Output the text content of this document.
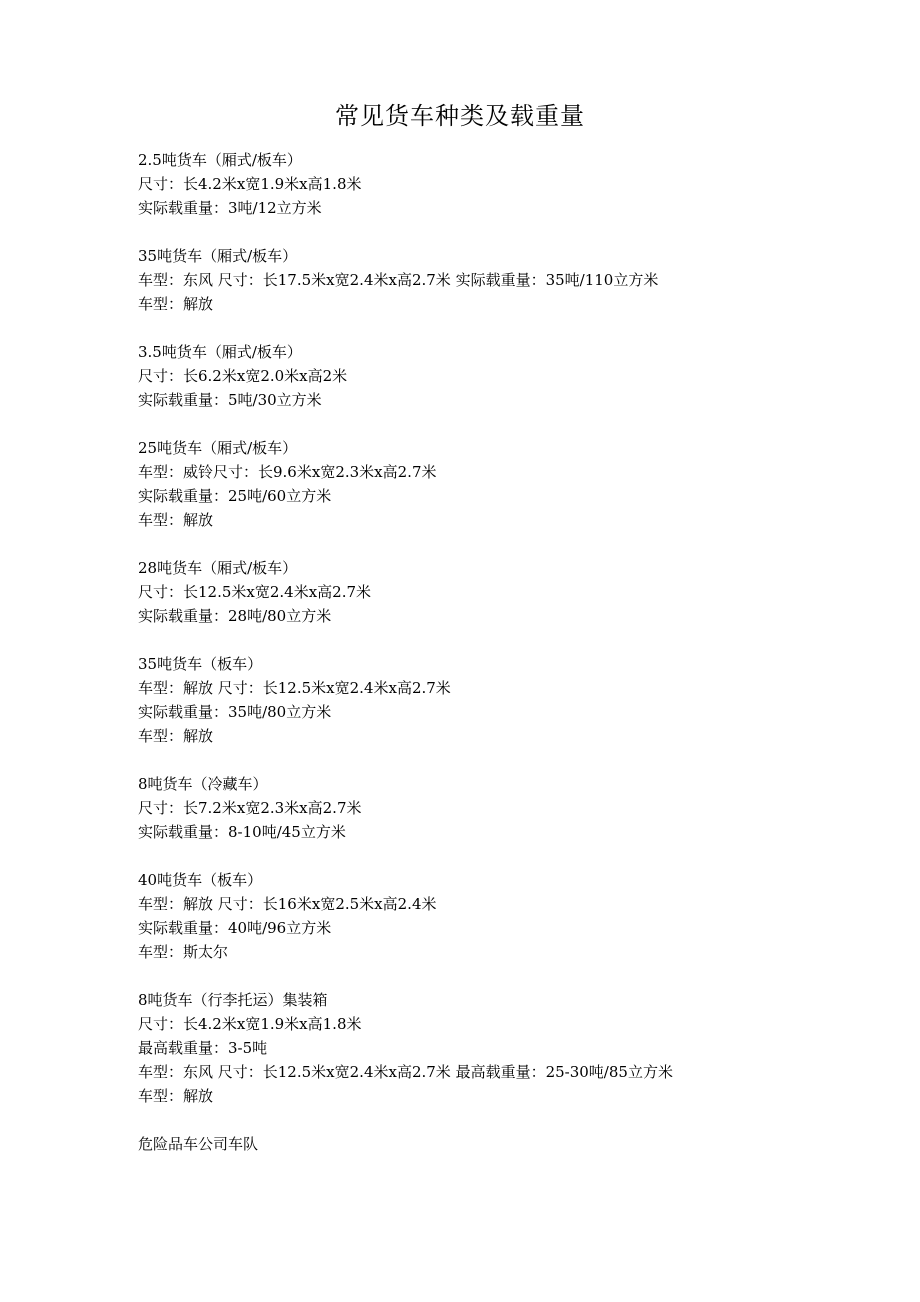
常见货车种类及载重量
2.5吨货车（厢式/板车）
尺寸：长4.2米x宽1.9米x高1.8米
实际载重量：3吨/12立方米
35吨货车（厢式/板车）
车型：东风 尺寸：长17.5米x宽2.4米x高2.7米 实际载重量：35吨/110立方米
车型：解放
3.5吨货车（厢式/板车）
尺寸：长6.2米x宽2.0米x高2米
实际载重量：5吨/30立方米
25吨货车（厢式/板车）
车型：威铃尺寸：长9.6米x宽2.3米x高2.7米
实际载重量：25吨/60立方米
车型：解放
28吨货车（厢式/板车）
尺寸：长12.5米x宽2.4米x高2.7米
实际载重量：28吨/80立方米
35吨货车（板车）
车型：解放 尺寸：长12.5米x宽2.4米x高2.7米
实际载重量：35吨/80立方米
车型：解放
8吨货车（冷藏车）
尺寸：长7.2米x宽2.3米x高2.7米
实际载重量：8-10吨/45立方米
40吨货车（板车）
车型：解放 尺寸：长16米x宽2.5米x高2.4米
实际载重量：40吨/96立方米
车型：斯太尔
8吨货车（行李托运）集装箱
尺寸：长4.2米x宽1.9米x高1.8米
最高载重量：3-5吨
车型：东风 尺寸：长12.5米x宽2.4米x高2.7米 最高载重量：25-30吨/85立方米
车型：解放
危险品车公司车队
